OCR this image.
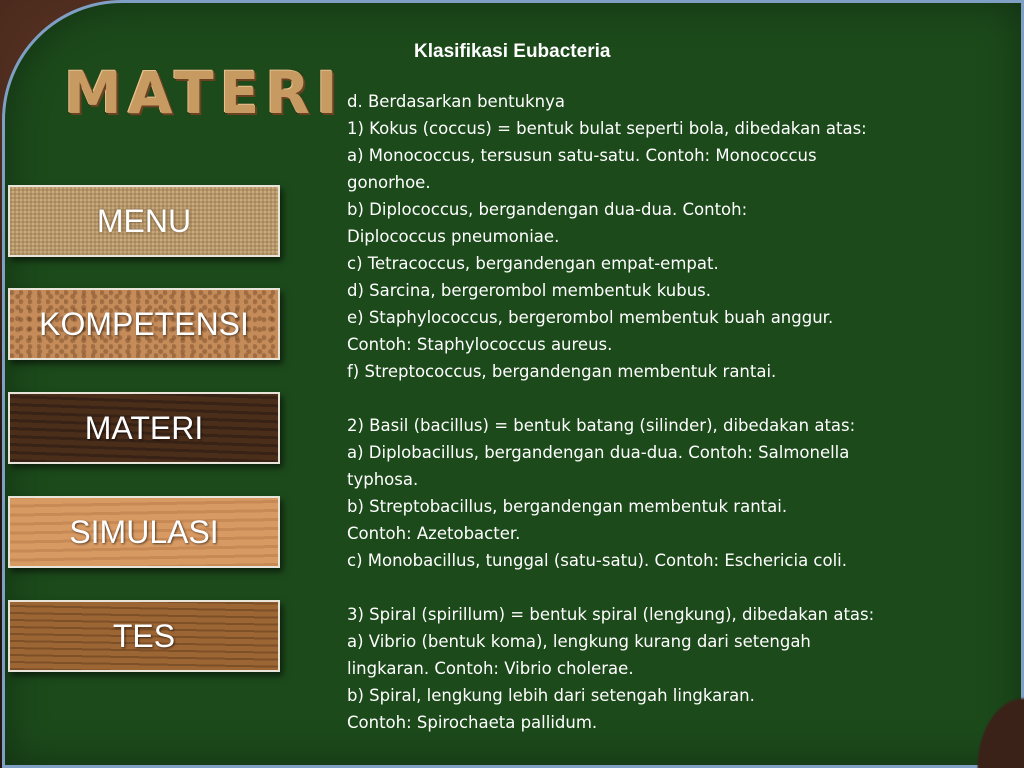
MATERI
MENU
KOMPETENSI
MATERI
SIMULASI
TES
Klasifikasi Eubacteria
d. Berdasarkan bentuknya
1) Kokus (coccus) = bentuk bulat seperti bola, dibedakan atas:
a) Monococcus, tersusun satu-satu. Contoh: Monococcus
gonorhoe.
b) Diplococcus, bergandengan dua-dua. Contoh:
Diplococcus pneumoniae.
c) Tetracoccus, bergandengan empat-empat.
d) Sarcina, bergerombol membentuk kubus.
e) Staphylococcus, bergerombol membentuk buah anggur.
Contoh: Staphylococcus aureus.
f) Streptococcus, bergandengan membentuk rantai.
2) Basil (bacillus) = bentuk batang (silinder), dibedakan atas:
a) Diplobacillus, bergandengan dua-dua. Contoh: Salmonella
typhosa.
b) Streptobacillus, bergandengan membentuk rantai.
Contoh: Azetobacter.
c) Monobacillus, tunggal (satu-satu). Contoh: Eschericia coli.
3) Spiral (spirillum) = bentuk spiral (lengkung), dibedakan atas:
a) Vibrio (bentuk koma), lengkung kurang dari setengah
lingkaran. Contoh: Vibrio cholerae.
b) Spiral, lengkung lebih dari setengah lingkaran.
Contoh: Spirochaeta pallidum.
